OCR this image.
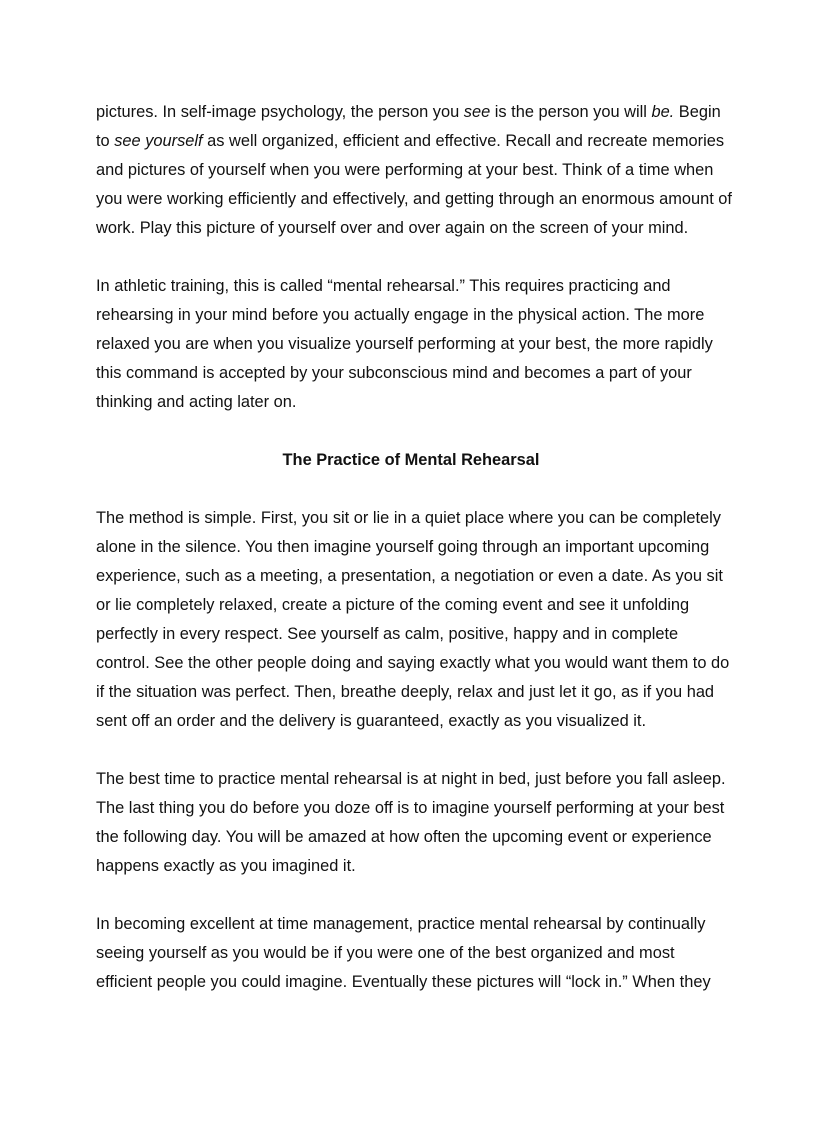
pictures. In self-image psychology, the person you see is the person you will be. Begin
to see yourself as well organized, efficient and effective. Recall and recreate memories
and pictures of yourself when you were performing at your best. Think of a time when
you were working efficiently and effectively, and getting through an enormous amount of
work. Play this picture of yourself over and over again on the screen of your mind.

In athletic training, this is called “mental rehearsal.” This requires practicing and
rehearsing in your mind before you actually engage in the physical action. The more
relaxed you are when you visualize yourself performing at your best, the more rapidly
this command is accepted by your subconscious mind and becomes a part of your
thinking and acting later on.

The Practice of Mental Rehearsal

The method is simple. First, you sit or lie in a quiet place where you can be completely
alone in the silence. You then imagine yourself going through an important upcoming
experience, such as a meeting, a presentation, a negotiation or even a date. As you sit
or lie completely relaxed, create a picture of the coming event and see it unfolding
perfectly in every respect. See yourself as calm, positive, happy and in complete
control. See the other people doing and saying exactly what you would want them to do
if the situation was perfect. Then, breathe deeply, relax and just let it go, as if you had
sent off an order and the delivery is guaranteed, exactly as you visualized it.

The best time to practice mental rehearsal is at night in bed, just before you fall asleep.
The last thing you do before you doze off is to imagine yourself performing at your best
the following day. You will be amazed at how often the upcoming event or experience
happens exactly as you imagined it.

In becoming excellent at time management, practice mental rehearsal by continually
seeing yourself as you would be if you were one of the best organized and most
efficient people you could imagine. Eventually these pictures will “lock in.” When they
